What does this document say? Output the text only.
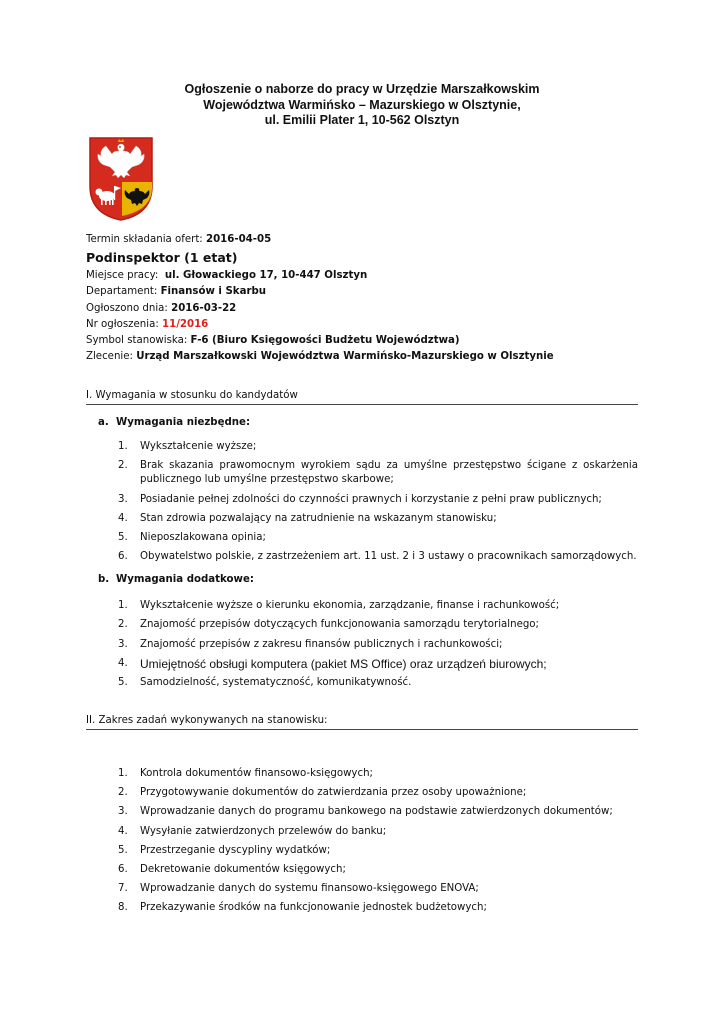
Ogłoszenie o naborze do pracy w Urzędzie Marszałkowskim
Województwa Warmińsko – Mazurskiego w Olsztynie,
ul. Emilii Plater 1, 10-562 Olsztyn
Termin składania ofert: 2016-04-05
Podinspektor (1 etat)
Miejsce pracy: ul. Głowackiego 17, 10-447 Olsztyn
Departament: Finansów i Skarbu
Ogłoszono dnia: 2016-03-22
Nr ogłoszenia: 11/2016
Symbol stanowiska: F-6 (Biuro Księgowości Budżetu Województwa)
Zlecenie: Urząd Marszałkowski Województwa Warmińsko-Mazurskiego w Olsztynie
I. Wymagania w stosunku do kandydatów
a. Wymagania niezbędne:
1. Wykształcenie wyższe;
2. Brak skazania prawomocnym wyrokiem sądu za umyślne przestępstwo ścigane z oskarżenia publicznego lub umyślne przestępstwo skarbowe;
3. Posiadanie pełnej zdolności do czynności prawnych i korzystanie z pełni praw publicznych;
4. Stan zdrowia pozwalający na zatrudnienie na wskazanym stanowisku;
5. Nieposzlakowana opinia;
6. Obywatelstwo polskie, z zastrzeżeniem art. 11 ust. 2 i 3 ustawy o pracownikach samorządowych.
b. Wymagania dodatkowe:
1. Wykształcenie wyższe o kierunku ekonomia, zarządzanie, finanse i rachunkowość;
2. Znajomość przepisów dotyczących funkcjonowania samorządu terytorialnego;
3. Znajomość przepisów z zakresu finansów publicznych i rachunkowości;
4. Umiejętność obsługi komputera (pakiet MS Office) oraz urządzeń biurowych;
5. Samodzielność, systematyczność, komunikatywność.
II. Zakres zadań wykonywanych na stanowisku:
1. Kontrola dokumentów finansowo-księgowych;
2. Przygotowywanie dokumentów do zatwierdzania przez osoby upoważnione;
3. Wprowadzanie danych do programu bankowego na podstawie zatwierdzonych dokumentów;
4. Wysyłanie zatwierdzonych przelewów do banku;
5. Przestrzeganie dyscypliny wydatków;
6. Dekretowanie dokumentów księgowych;
7. Wprowadzanie danych do systemu finansowo-księgowego ENOVA;
8. Przekazywanie środków na funkcjonowanie jednostek budżetowych;
